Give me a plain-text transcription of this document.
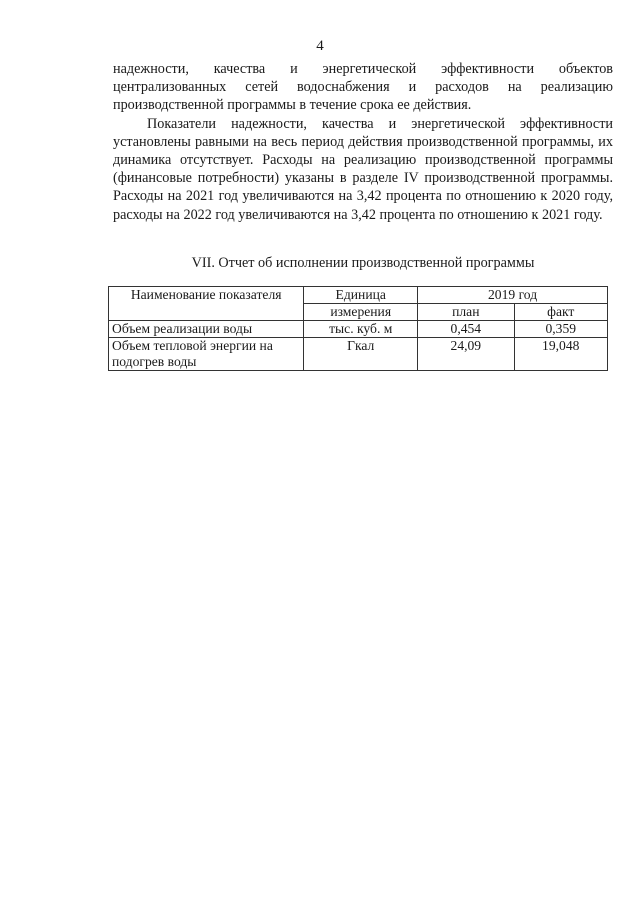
4

надежности, качества и энергетической эффективности объектов централизованных сетей водоснабжения и расходов на реализацию производственной программы в течение срока ее действия.

Показатели надежности, качества и энергетической эффективности установлены равными на весь период действия производственной программы, их динамика отсутствует. Расходы на реализацию производственной программы (финансовые потребности) указаны в разделе IV производственной программы. Расходы на 2021 год увеличиваются на 3,42 процента по отношению к 2020 году, расходы на 2022 год увеличиваются на 3,42 процента по отношению к 2021 году.

VII. Отчет об исполнении производственной программы
Наименование показателя	Единица	2019 год	
	измерения	план	факт
Объем реализации воды	тыс. куб. м	0,454	0,359
Объем тепловой энергии на подогрев воды	Гкал	24,09	19,048
